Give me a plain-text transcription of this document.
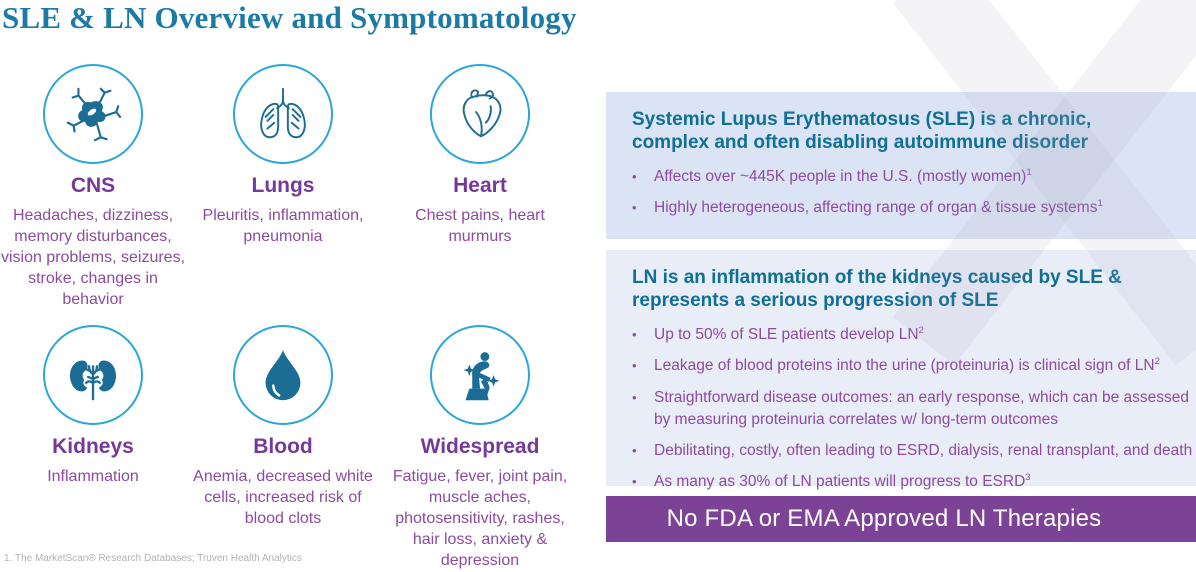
SLE & LN Overview and Symptomatology
CNS
Headaches, dizziness, memory disturbances, vision problems, seizures, stroke, changes in behavior
Lungs
Pleuritis, inflammation, pneumonia
Heart
Chest pains, heart murmurs
Kidneys
Inflammation
Blood
Anemia, decreased white cells, increased risk of blood clots
Widespread
Fatigue, fever, joint pain, muscle aches, photosensitivity, rashes, hair loss, anxiety & depression
Systemic Lupus Erythematosus (SLE) is a chronic, complex and often disabling autoimmune disorder
•	Affects over ~445K people in the U.S. (mostly women)$^1$
•	Highly heterogeneous, affecting range of organ & tissue systems$^1$
LN is an inflammation of the kidneys caused by SLE & represents a serious progression of SLE
•	Up to 50% of SLE patients develop $LN^2$
•	Leakage of blood proteins into the urine (proteinuria) is clinical sign of $LN^2$
•	Straightforward disease outcomes: an early response, which can be assessed by measuring proteinuria correlates w/ long-term outcomes
•	Debilitating, costly, often leading to ESRD, dialysis, renal transplant, and death
•	As many as 30% of LN patients will progress to ESRD$^3$
No FDA or EMA Approved LN Therapies
1. The MarketScan® Research Databases; Truven Health Analytics
